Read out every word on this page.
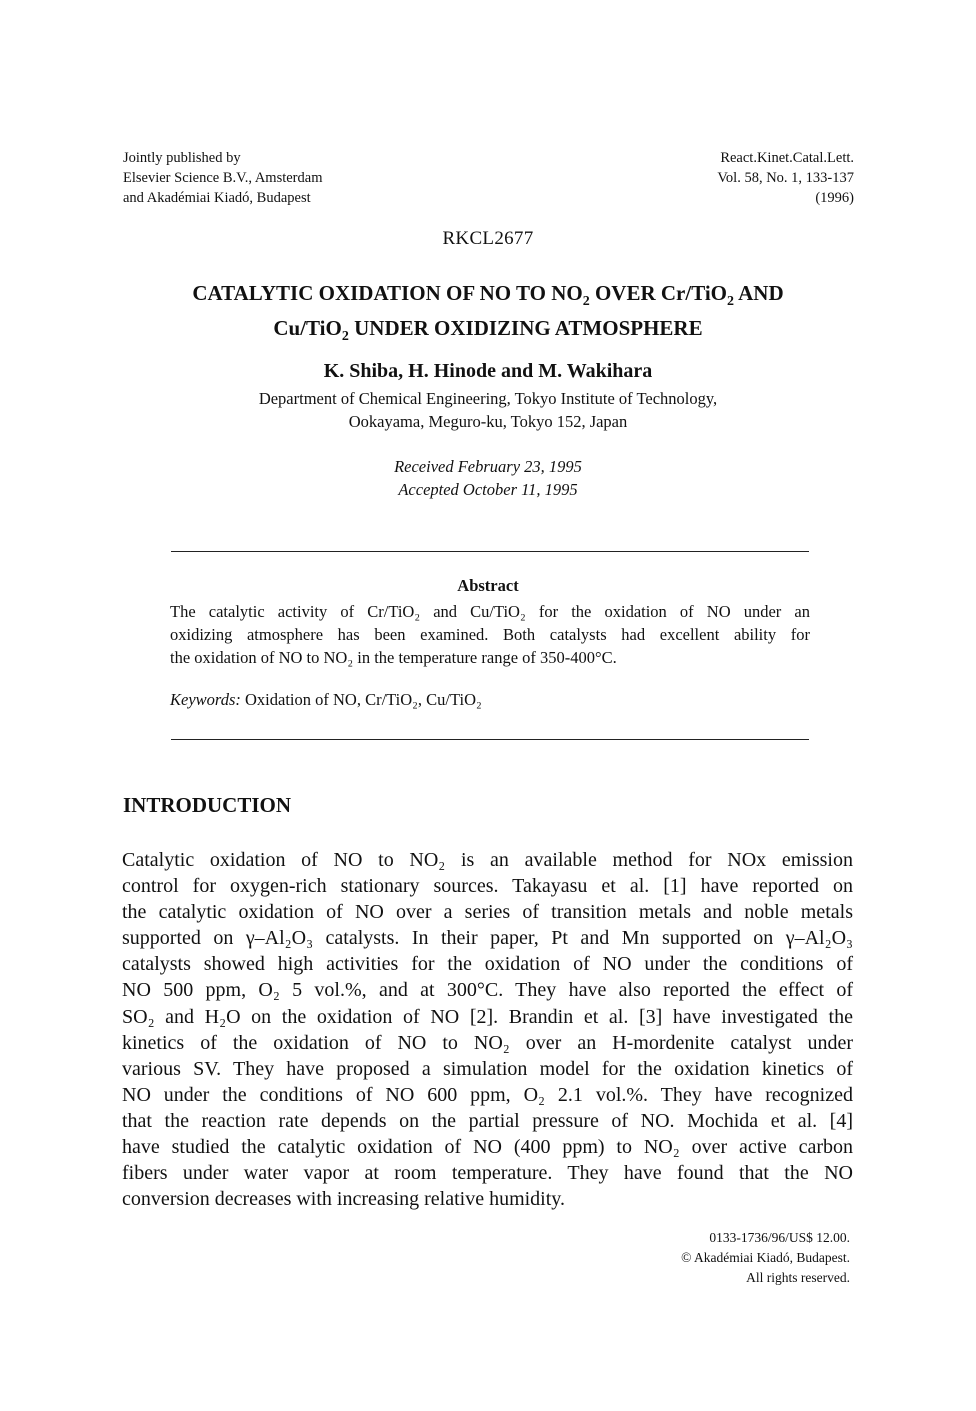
Jointly published by
Elsevier Science B.V., Amsterdam
and Akadémiai Kiadó, Budapest
React.Kinet.Catal.Lett.
Vol. 58, No. 1, 133-137
(1996)
RKCL2677
CATALYTIC OXIDATION OF NO TO $NO_2$ OVER Cr/TiO$_2$ AND
Cu/TiO$_2$ UNDER OXIDIZING ATMOSPHERE
K. Shiba, H. Hinode and M. Wakihara
Department of Chemical Engineering, Tokyo Institute of Technology,
Ookayama, Meguro-ku, Tokyo 152, Japan
Received February 23, 1995
Accepted October 11, 1995
Abstract
The catalytic activity of Cr/TiO₂ and Cu/TiO₂ for the oxidation of NO under an
oxidizing atmosphere has been examined. Both catalysts had excellent ability for
the oxidation of NO to NO₂ in the temperature range of 350-400°C.
Keywords: Oxidation of NO, Cr/TiO₂, Cu/TiO₂
INTRODUCTION
Catalytic oxidation of NO to NO₂ is an available method for NOx emission
control for oxygen-rich stationary sources. Takayasu et al. [1] have reported on
the catalytic oxidation of NO over a series of transition metals and noble metals
supported on γ–Al₂O₃ catalysts. In their paper, Pt and Mn supported on γ–Al₂O₃
catalysts showed high activities for the oxidation of NO under the conditions of
NO 500 ppm, O₂ 5 vol.%, and at 300°C. They have also reported the effect of
SO₂ and H₂O on the oxidation of NO [2]. Brandin et al. [3] have investigated the
kinetics of the oxidation of NO to NO₂ over an H-mordenite catalyst under
various SV. They have proposed a simulation model for the oxidation kinetics of
NO under the conditions of NO 600 ppm, O₂ 2.1 vol.%. They have recognized
that the reaction rate depends on the partial pressure of NO. Mochida et al. [4]
have studied the catalytic oxidation of NO (400 ppm) to NO₂ over active carbon
fibers under water vapor at room temperature. They have found that the NO
conversion decreases with increasing relative humidity.
0133-1736/96/US$ 12.00.
© Akadémiai Kiadó, Budapest.
All rights reserved.
